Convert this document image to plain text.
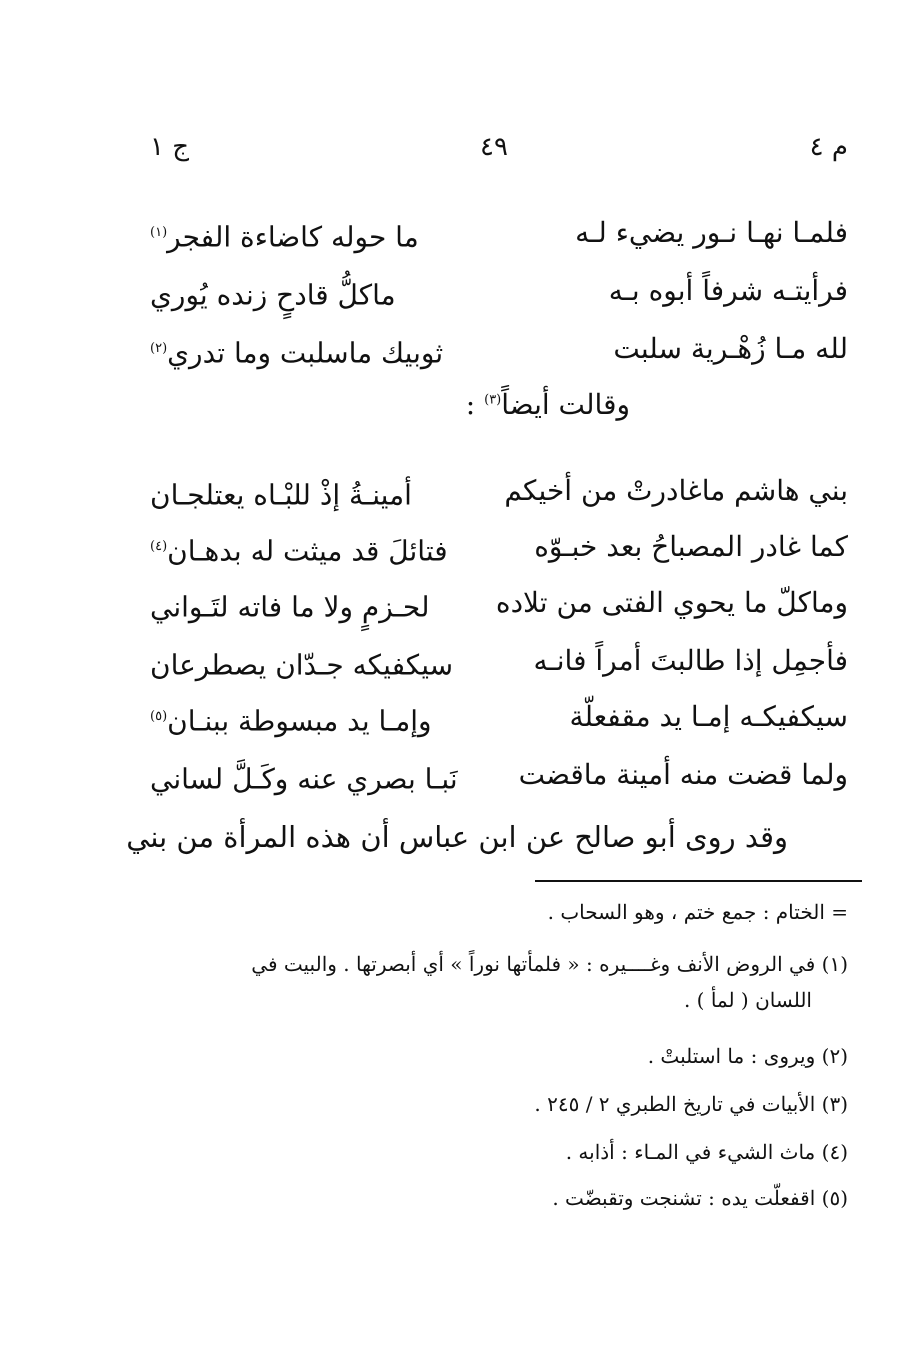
م ٤
٤٩
ج ١
فلمـا نهـا نـور يضيء لـه
ما حوله كاضاءة الفجر$^{(١)}$
فرأيتـه شرفاً أبوه بـه
ماكلُّ قادحٍ زنده يُوري
لله مـا زُهْـرية سلبت
ثوبيك ماسلبت وما تدري$^{(٢)}$
وقالت أيضاً$^{(٣)}$ :
بني هاشم ماغادرتْ من أخيكم
أمينـةُ إذْ للبْـاه يعتلجـان
كما غادر المصباحُ بعد خبـوّه
فتائلَ قد ميثت له بدهـان$^{(٤)}$
وماكلّ ما يحوي الفتى من تلاده
لحـزمٍ ولا ما فاته لتَـواني
فأجمِل إذا طالبتَ أمراً فانـه
سيكفيكه جـدّان يصطرعان
سيكفيكـه إمـا يد مقفعلّة
وإمـا يد مبسوطة ببنـان$^{(٥)}$
ولما قضت منه أمينة ماقضت
نَبـا بصري عنه وكَـلَّ لساني
وقد روى أبو صالح عن ابن عباس أن هذه المرأة من بني
= الختام : جمع ختم ، وهو السحاب .
(١) في الروض الأنف وغــــيره : « فلمأتها نوراً » أي أبصرتها . والبيت في
اللسان ( لمأ ) .
(٢) ويروى : ما استلبتْ .
(٣) الأبيات في تاريخ الطبري ٢ / ٢٤٥ .
(٤) ماث الشيء في المـاء : أذابه .
(٥) اقفعلّت يده : تشنجت وتقبضّت .
